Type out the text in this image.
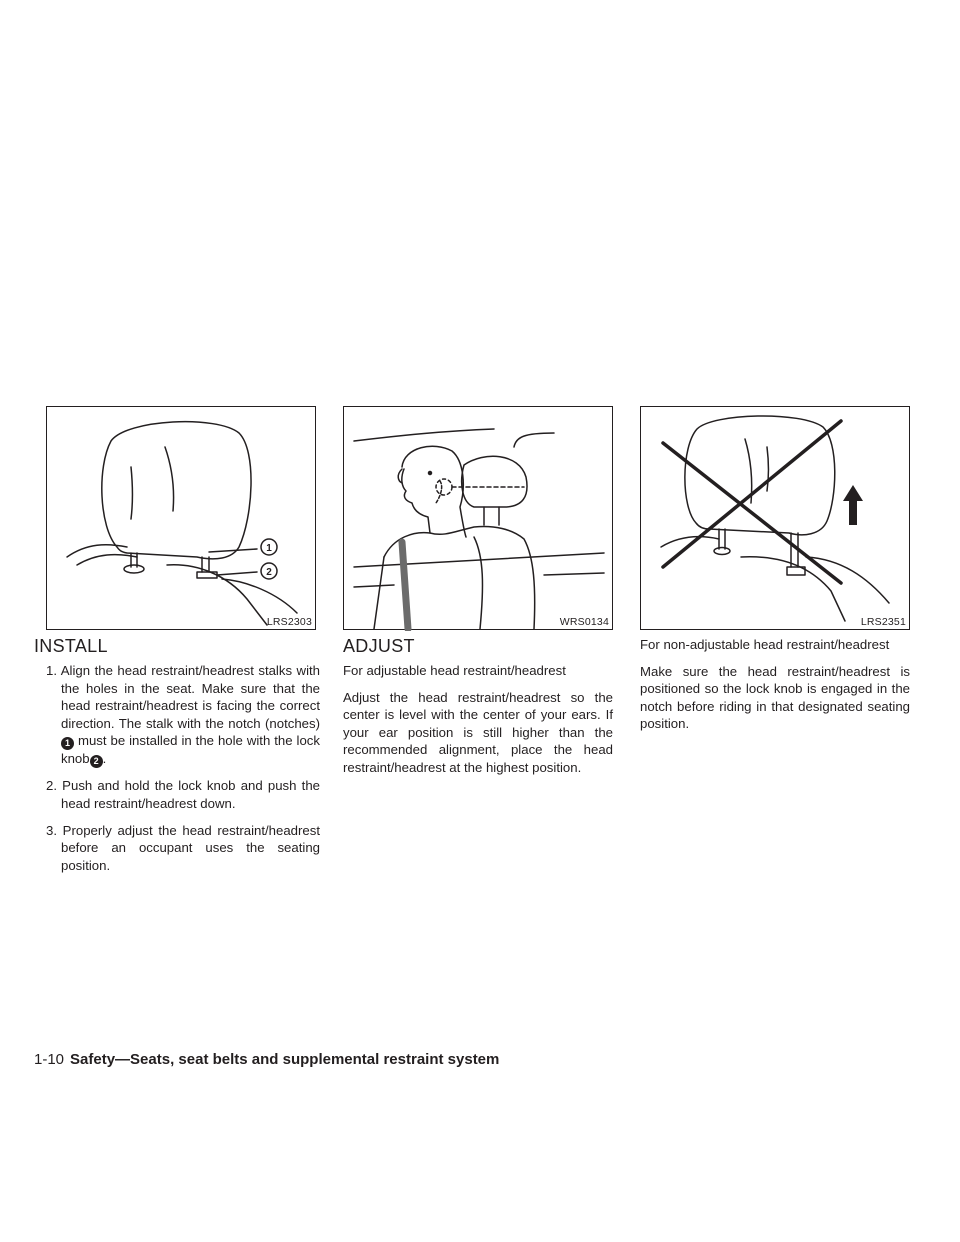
1
2
LRS2303	WRS0134	LRS2351
INSTALL
1. Align the head restraint/headrest stalks with the holes in the seat. Make sure that the head restraint/headrest is facing the correct direction. The stalk with the notch (notches)1 must be installed in the hole with the lock knob 2 .
2. Push and hold the lock knob and push the head restraint/headrest down.
3. Properly adjust the head restraint/headrest before an occupant uses the seating position.
ADJUST

For adjustable head restraint/headrest

Adjust the head restraint/headrest so the center is level with the center of your ears. If your ear position is still higher than the recommended alignment, place the head restraint/headrest at the highest position.

For non-adjustable head restraint/headrest

Make sure the head restraint/headrest is positioned so the lock knob is engaged in the notch before riding in that designated seating position.

1-10 Safety—Seats, seat belts and supplemental restraint system
